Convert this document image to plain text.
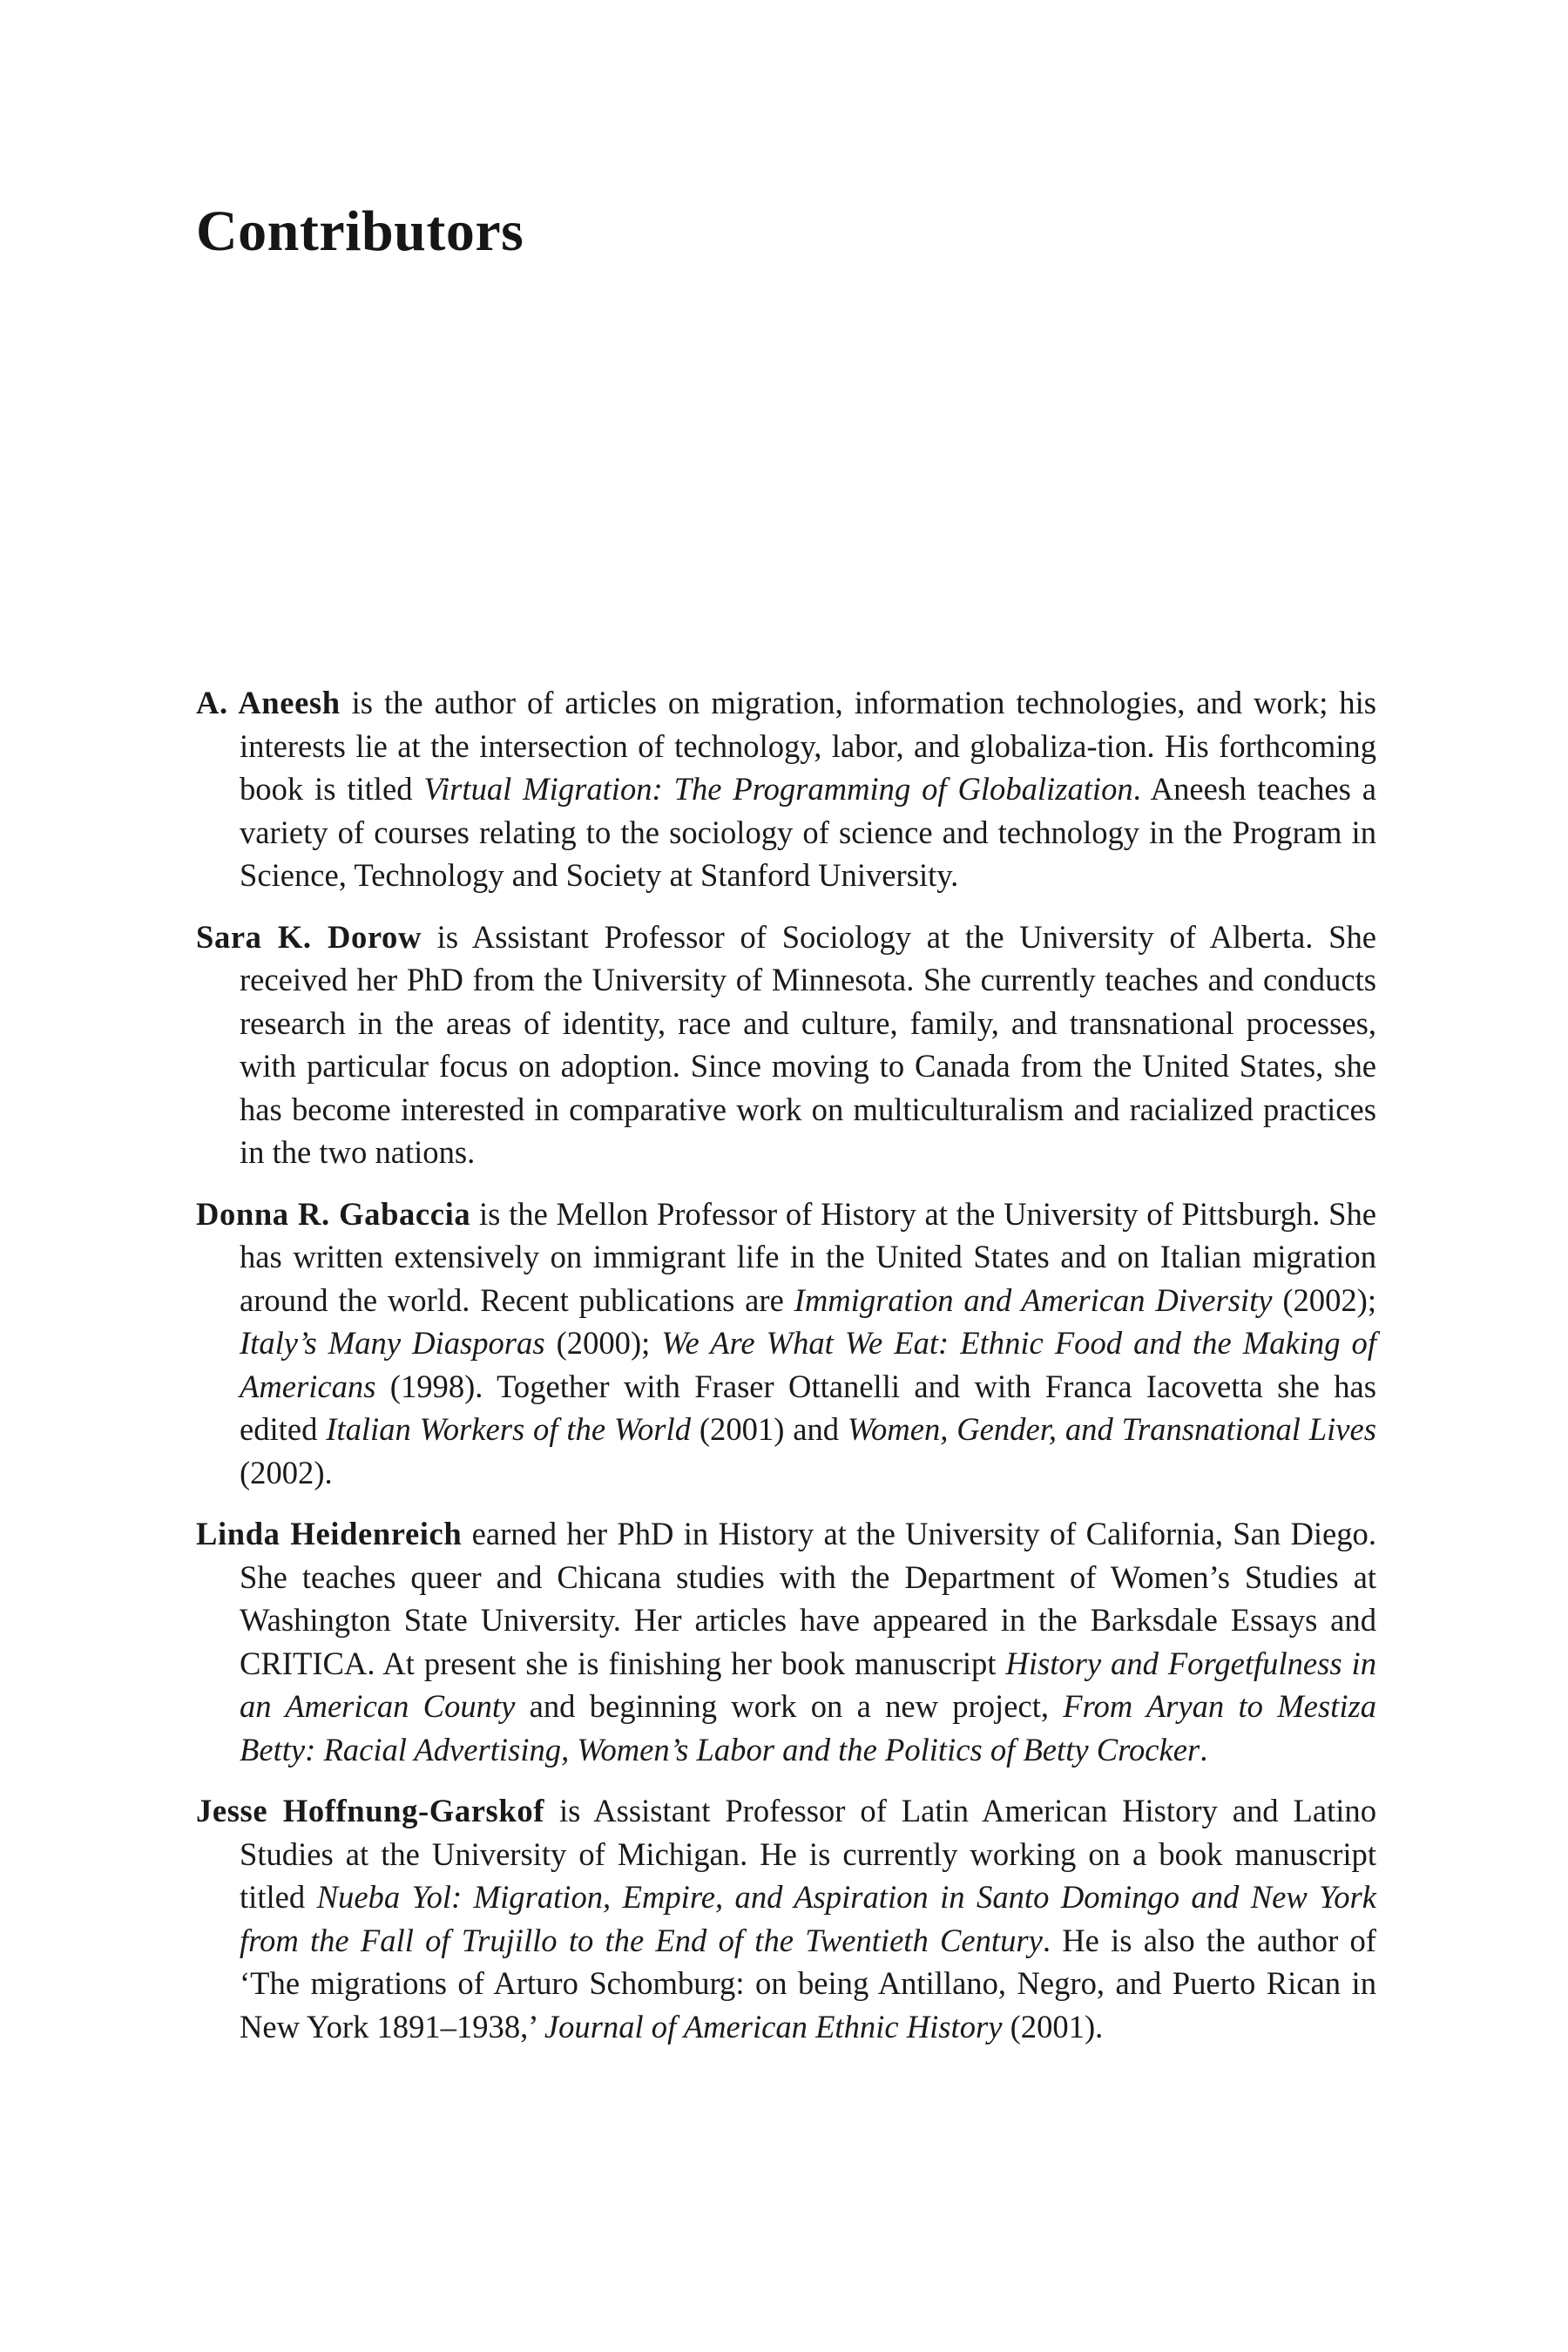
Contributors

A. Aneesh is the author of articles on migration, information technologies, and work; his interests lie at the intersection of technology, labor, and globaliza-tion. His forthcoming book is titled Virtual Migration: The Programming of Globalization. Aneesh teaches a variety of courses relating to the sociology of science and technology in the Program in Science, Technology and Society at Stanford University.

Sara K. Dorow is Assistant Professor of Sociology at the University of Alberta. She received her PhD from the University of Minnesota. She currently teaches and conducts research in the areas of identity, race and culture, family, and transnational processes, with particular focus on adoption. Since moving to Canada from the United States, she has become interested in comparative work on multiculturalism and racialized practices in the two nations.

Donna R. Gabaccia is the Mellon Professor of History at the University of Pittsburgh. She has written extensively on immigrant life in the United States and on Italian migration around the world. Recent publications are Immigration and American Diversity (2002); Italy’s Many Diasporas (2000); We Are What We Eat: Ethnic Food and the Making of Americans (1998). Together with Fraser Ottanelli and with Franca Iacovetta she has edited Italian Workers of the World (2001) and Women, Gender, and Transnational Lives (2002).

Linda Heidenreich earned her PhD in History at the University of California, San Diego. She teaches queer and Chicana studies with the Department of Women’s Studies at Washington State University. Her articles have appeared in the Barksdale Essays and CRITICA. At present she is finishing her book manuscript History and Forgetfulness in an American County and beginning work on a new project, From Aryan to Mestiza Betty: Racial Advertising, Women’s Labor and the Politics of Betty Crocker.

Jesse Hoffnung-Garskof is Assistant Professor of Latin American History and Latino Studies at the University of Michigan. He is currently working on a book manuscript titled Nueba Yol: Migration, Empire, and Aspiration in Santo Domingo and New York from the Fall of Trujillo to the End of the Twentieth Century. He is also the author of ‘The migrations of Arturo Schomburg: on being Antillano, Negro, and Puerto Rican in New York 1891–1938,’ Journal of American Ethnic History (2001).
